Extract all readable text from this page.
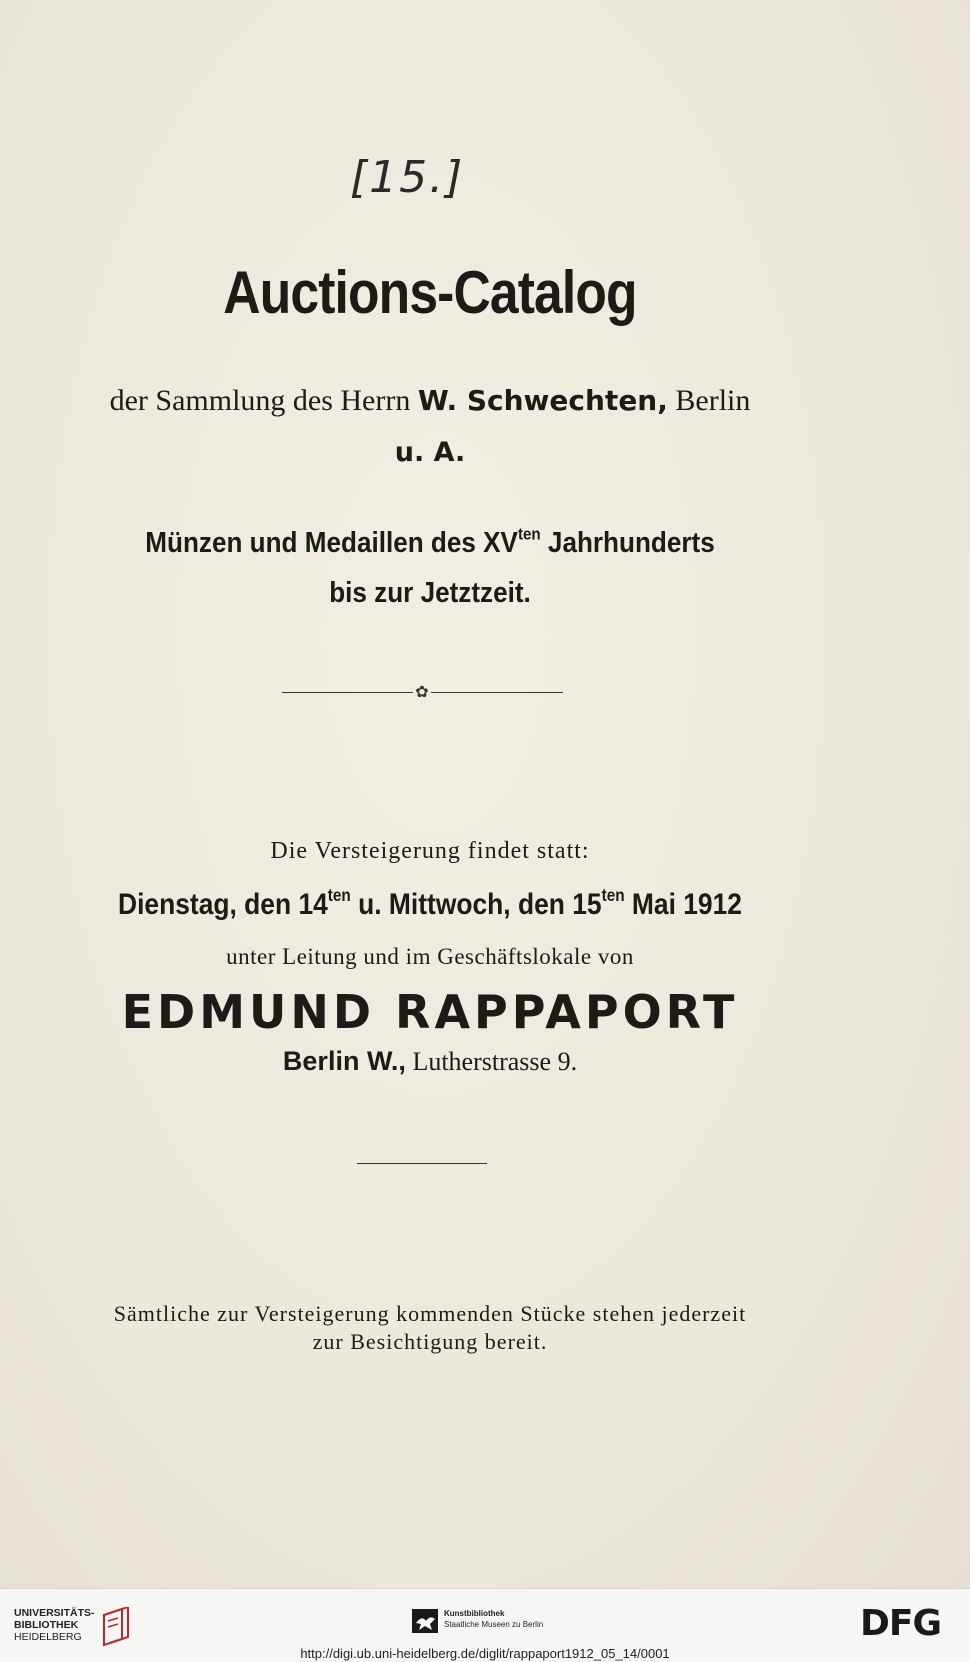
[15.]
Auctions-Catalog
der Sammlung des Herrn W. Schwechten, Berlin
u. A.
Münzen und Medaillen des $XV^{ten}$ Jahrhunderts
bis zur Jetztzeit.
✿
Die Versteigerung findet statt:
Dienstag, den $14^{ten}$ u. Mittwoch, den $15^{ten}$ Mai 1912
unter Leitung und im Geschäftslokale von
EDMUND RAPPAPORT
Berlin W., Lutherstrasse 9.
Sämtliche zur Versteigerung kommenden Stücke stehen jederzeit
zur Besichtigung bereit.
UNIVERSITÄTS-
BIBLIOTHEK
HEIDELBERG
Kunstbibliothek
Staatliche Museen zu Berlin	DFG
http://digi.ub.uni-heidelberg.de/diglit/rappaport1912_05_14/0001
